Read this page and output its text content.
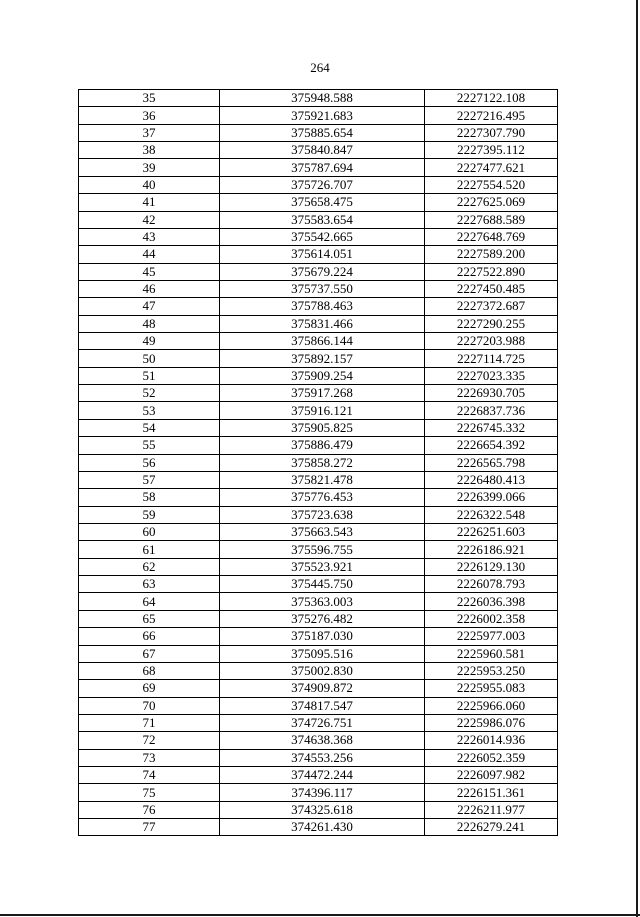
264
35	375948.588	2227122.108
36	375921.683	2227216.495
37	375885.654	2227307.790
38	375840.847	2227395.112
39	375787.694	2227477.621
40	375726.707	2227554.520
41	375658.475	2227625.069
42	375583.654	2227688.589
43	375542.665	2227648.769
44	375614.051	2227589.200
45	375679.224	2227522.890
46	375737.550	2227450.485
47	375788.463	2227372.687
48	375831.466	2227290.255
49	375866.144	2227203.988
50	375892.157	2227114.725
51	375909.254	2227023.335
52	375917.268	2226930.705
53	375916.121	2226837.736
54	375905.825	2226745.332
55	375886.479	2226654.392
56	375858.272	2226565.798
57	375821.478	2226480.413
58	375776.453	2226399.066
59	375723.638	2226322.548
60	375663.543	2226251.603
61	375596.755	2226186.921
62	375523.921	2226129.130
63	375445.750	2226078.793
64	375363.003	2226036.398
65	375276.482	2226002.358
66	375187.030	2225977.003
67	375095.516	2225960.581
68	375002.830	2225953.250
69	374909.872	2225955.083
70	374817.547	2225966.060
71	374726.751	2225986.076
72	374638.368	2226014.936
73	374553.256	2226052.359
74	374472.244	2226097.982
75	374396.117	2226151.361
76	374325.618	2226211.977
77	374261.430	2226279.241
